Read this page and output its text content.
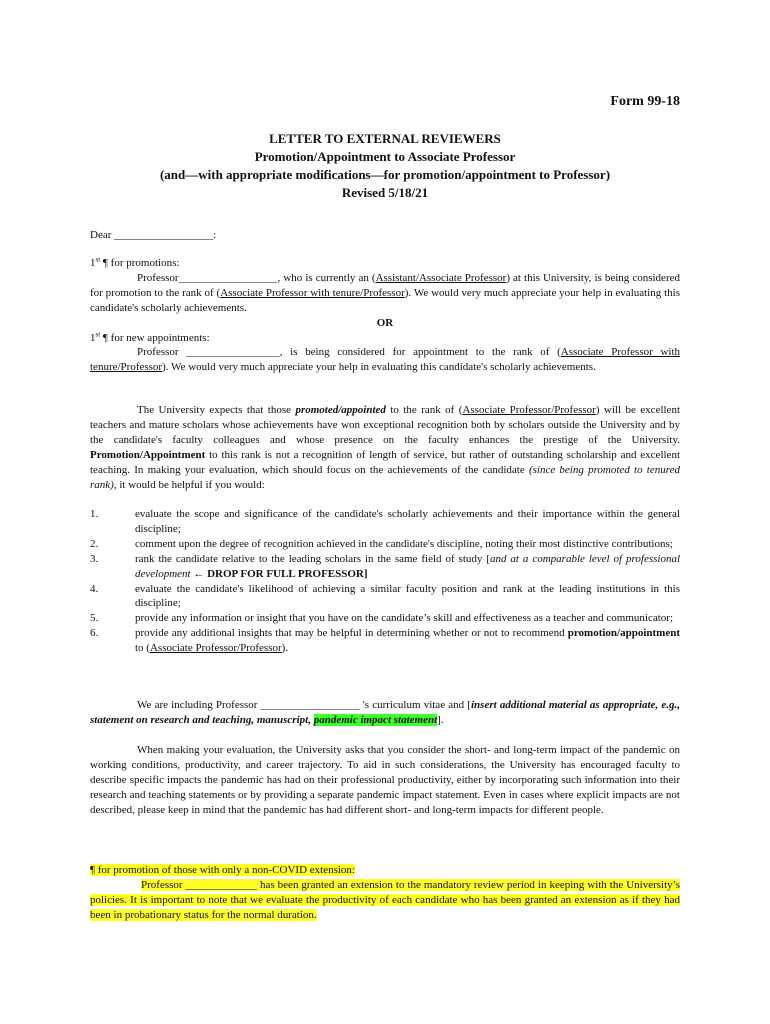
Form 99-18
LETTER TO EXTERNAL REVIEWERS
Promotion/Appointment to Associate Professor
(and—with appropriate modifications—for promotion/appointment to Professor)
Revised 5/18/21
Dear __________________:
1st ¶ for promotions:
Professor__________________, who is currently an (Assistant/Associate Professor) at this University, is being considered for promotion to the rank of (Associate Professor with tenure/Professor). We would very much appreciate your help in evaluating this candidate's scholarly achievements.
OR
1st ¶ for new appointments:
Professor _________________, is being considered for appointment to the rank of (Associate Professor with tenure/Professor). We would very much appreciate your help in evaluating this candidate's scholarly achievements.
The University expects that those promoted/appointed to the rank of (Associate Professor/Professor) will be excellent teachers and mature scholars whose achievements have won exceptional recognition both by scholars outside the University and by the candidate's faculty colleagues and whose presence on the faculty enhances the prestige of the University. Promotion/Appointment to this rank is not a recognition of length of service, but rather of outstanding scholarship and excellent teaching. In making your evaluation, which should focus on the achievements of the candidate (since being promoted to tenured rank), it would be helpful if you would:
1.	evaluate the scope and significance of the candidate's scholarly achievements and their importance within the general discipline;
2.	comment upon the degree of recognition achieved in the candidate's discipline, noting their most distinctive contributions;
3.	rank the candidate relative to the leading scholars in the same field of study [and at a comparable level of professional development ← DROP FOR FULL PROFESSOR]
4.	evaluate the candidate's likelihood of achieving a similar faculty position and rank at the leading institutions in this discipline;
5.	provide any information or insight that you have on the candidate’s skill and effectiveness as a teacher and communicator;
6.	provide any additional insights that may be helpful in determining whether or not to recommend promotion/appointment to (Associate Professor/Professor).
We are including Professor __________________ 's curriculum vitae and [insert additional material as appropriate, e.g., statement on research and teaching, manuscript, pandemic impact statement].
When making your evaluation, the University asks that you consider the short- and long-term impact of the pandemic on working conditions, productivity, and career trajectory. To aid in such considerations, the University has encouraged faculty to describe specific impacts the pandemic has had on their professional productivity, either by incorporating such information into their research and teaching statements or by providing a separate pandemic impact statement. Even in cases where explicit impacts are not described, please keep in mind that the pandemic has had different short- and long-term impacts for different people.
¶ for promotion of those with only a non-COVID extension:
Professor _____________ has been granted an extension to the mandatory review period in keeping with the University’s policies. It is important to note that we evaluate the productivity of each candidate who has been granted an extension as if they had been in probationary status for the normal duration.
